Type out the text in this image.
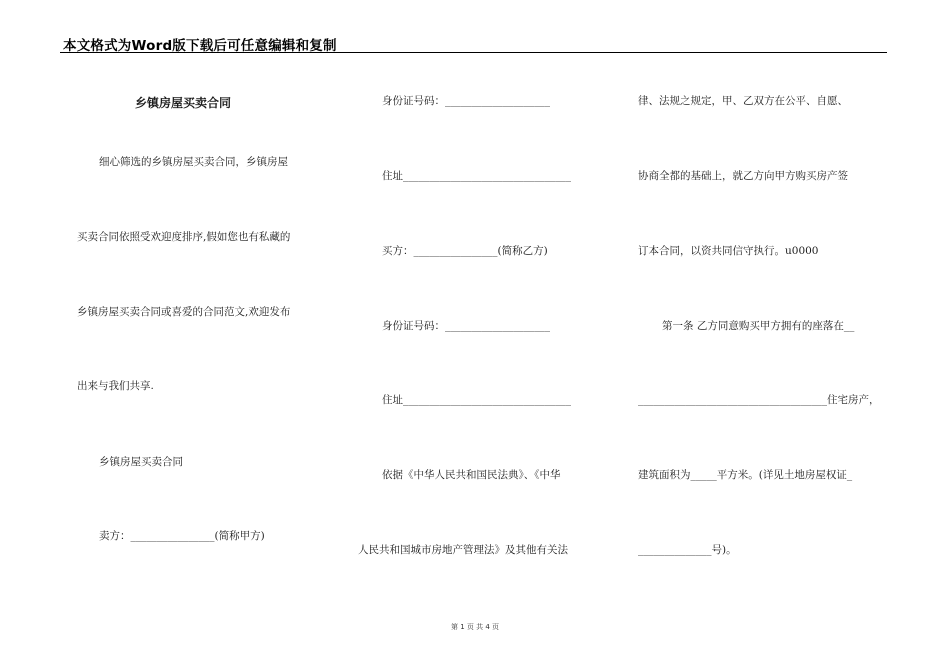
本文格式为Word版下载后可任意编辑和复制
乡镇房屋买卖合同
细心筛选的乡镇房屋买卖合同，乡镇房屋
买卖合同依照受欢迎度排序,假如您也有私藏的
乡镇房屋买卖合同或喜爱的合同范文,欢迎发布
出来与我们共享.
乡镇房屋买卖合同
卖方：________________(简称甲方)
身份证号码：____________________
住址________________________________
买方：________________(简称乙方)
身份证号码：____________________
住址________________________________
依据《中华人民共和国民法典》、《中华
人民共和国城市房地产管理法》及其他有关法
律、法规之规定，甲、乙双方在公平、自愿、
协商全都的基础上，就乙方向甲方购买房产签
订本合同，以资共同信守执行。u0000
第一条 乙方同意购买甲方拥有的座落在__
____________________________________住宅房产，
建筑面积为_____平方米。(详见土地房屋权证_
______________号)。
第 1 页 共 4 页
